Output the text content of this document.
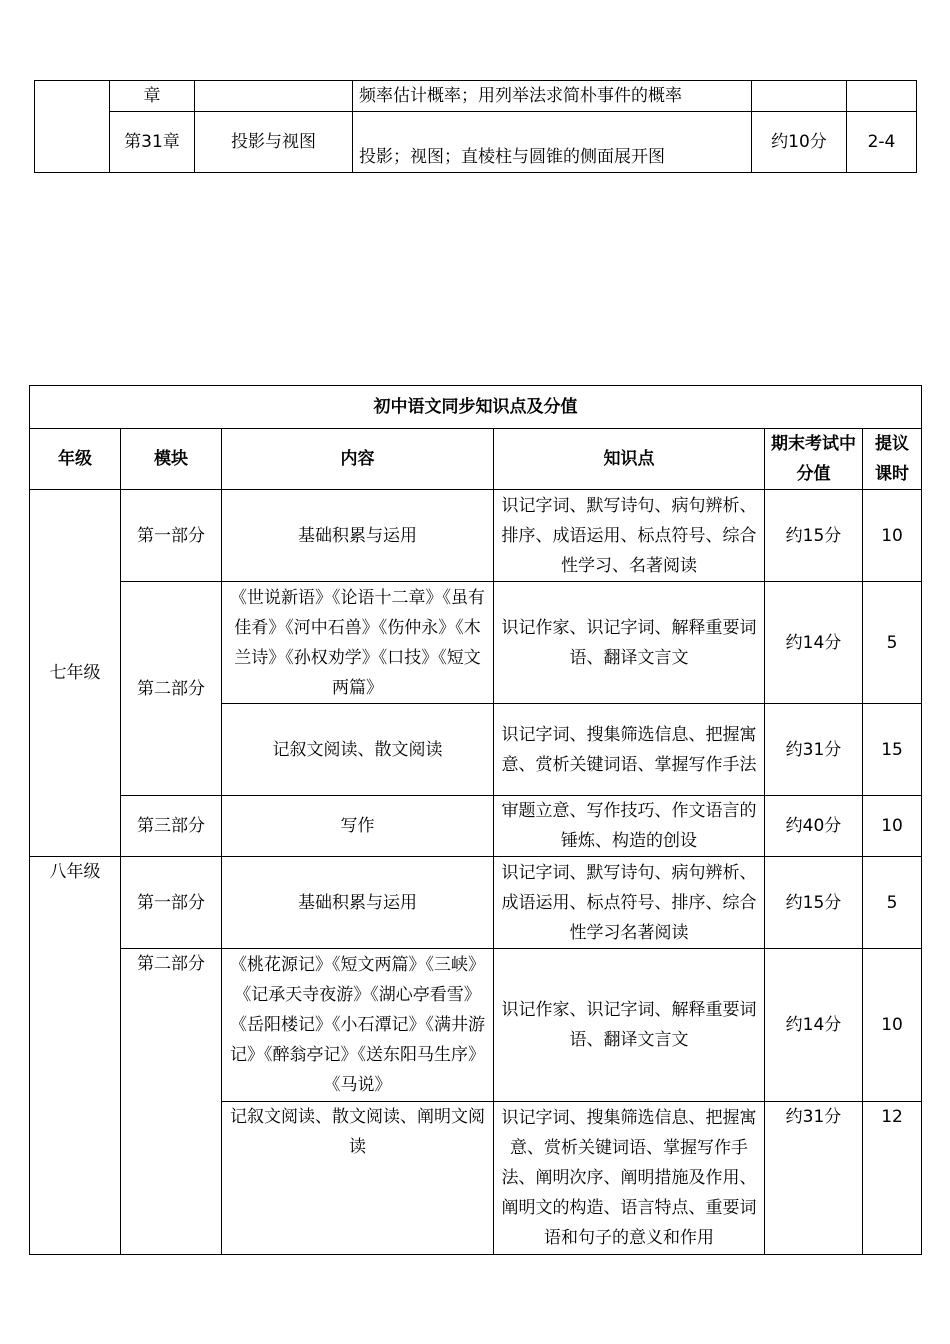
	章		频率估计概率；用列举法求简朴事件的概率		
	第31章	投影与视图	投影；视图；直棱柱与圆锥的侧面展开图	约10分	2-4
初中语文同步知识点及分值					
年级	模块	内容	知识点	期末考试中分值	提议课时
七年级	第一部分	基础积累与运用	识记字词、默写诗句、病句辨析、排序、成语运用、标点符号、综合性学习、名著阅读	约15分	10
	第二部分	《世说新语》《论语十二章》《虽有佳肴》《河中石兽》《伤仲永》《木兰诗》《孙权劝学》《口技》《短文两篇》	识记作家、识记字词、解释重要词语、翻译文言文	约14分	5
		记叙文阅读、散文阅读	识记字词、搜集筛选信息、把握寓意、赏析关键词语、掌握写作手法	约31分	15
	第三部分	写作	审题立意、写作技巧、作文语言的锤炼、构造的创设	约40分	10
八年级	第一部分	基础积累与运用	识记字词、默写诗句、病句辨析、成语运用、标点符号、排序、综合性学习名著阅读	约15分	5
	第二部分	《桃花源记》《短文两篇》《三峡》《记承天寺夜游》《湖心亭看雪》《岳阳楼记》《小石潭记》《满井游记》《醉翁亭记》《送东阳马生序》《马说》	识记作家、识记字词、解释重要词语、翻译文言文	约14分	10
		记叙文阅读、散文阅读、阐明文阅读	识记字词、搜集筛选信息、把握寓意、赏析关键词语、掌握写作手法、阐明次序、阐明措施及作用、阐明文的构造、语言特点、重要词语和句子的意义和作用	约31分	12
